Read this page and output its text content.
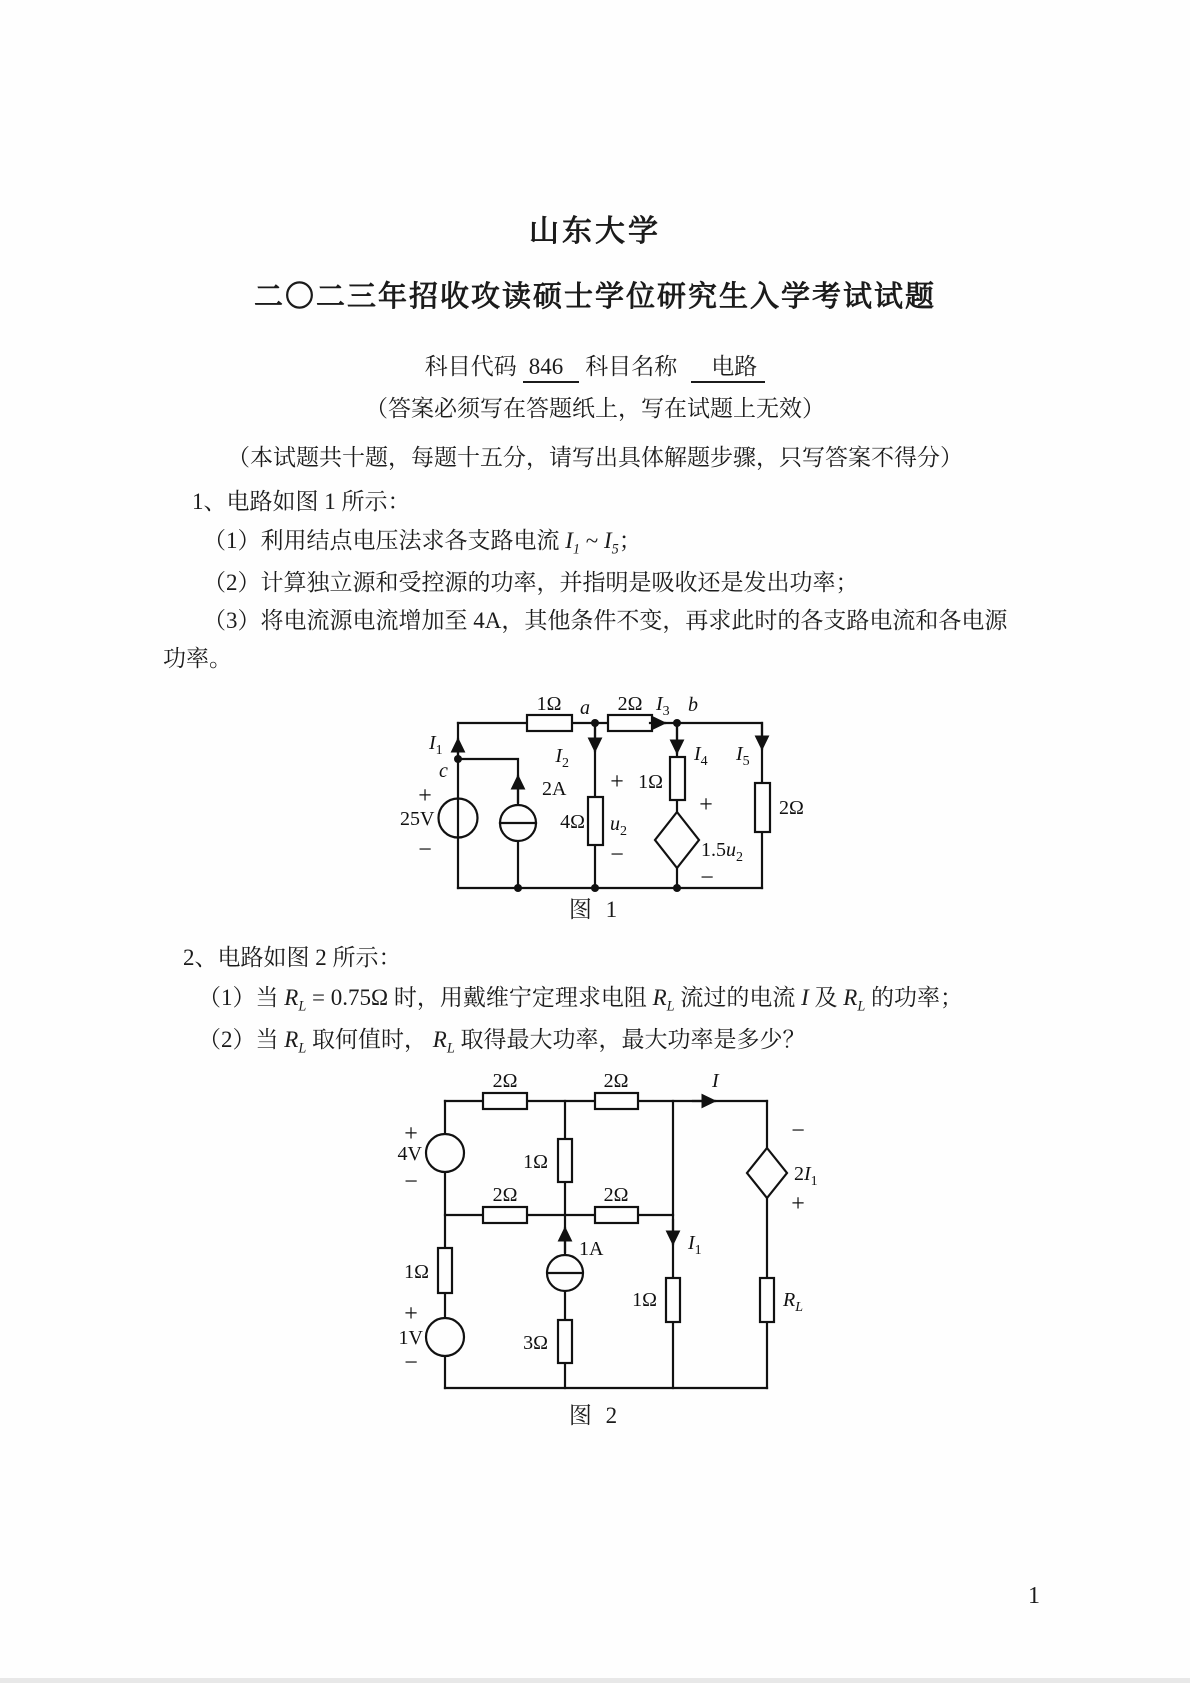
山东大学
二〇二三年招收攻读硕士学位研究生入学考试试题
科目代码 846 科目名称 电路
（答案必须写在答题纸上，写在试题上无效）
（本试题共十题，每题十五分，请写出具体解题步骤，只写答案不得分）
1、电路如图 1 所示：
（1）利用结点电压法求各支路电流 $I_1$ ~ $I_5$；
（2）计算独立源和受控源的功率，并指明是吸收还是发出功率；
（3）将电流源电流增加至 4A，其他条件不变，再求此时的各支路电流和各电源
功率。
1Ω	2Ω
a	$I_3$ b
$I_1$
c
+
25V
−
2A
$I_2$
4Ω
+
$u_2$
−
1Ω
$I_4$
+
$1.5u_2$
−
$I_5$
2Ω
图 1
2、电路如图 2 所示：
（1）当 $R_L = 0.75\Omega$ 时，用戴维宁定理求电阻 $R_L$ 流过的电流 I 及 $R_L$ 的功率；
（2）当 $R_L$ 取何值时， $R_L$ 取得最大功率，最大功率是多少？
2Ω	2Ω	I
+
4V
−
1Ω
2Ω	2Ω
1A
1Ω
+
1V
−
3Ω
$I_1$
1Ω
−
$2I_1$
+
$R_L$
图 2
1
